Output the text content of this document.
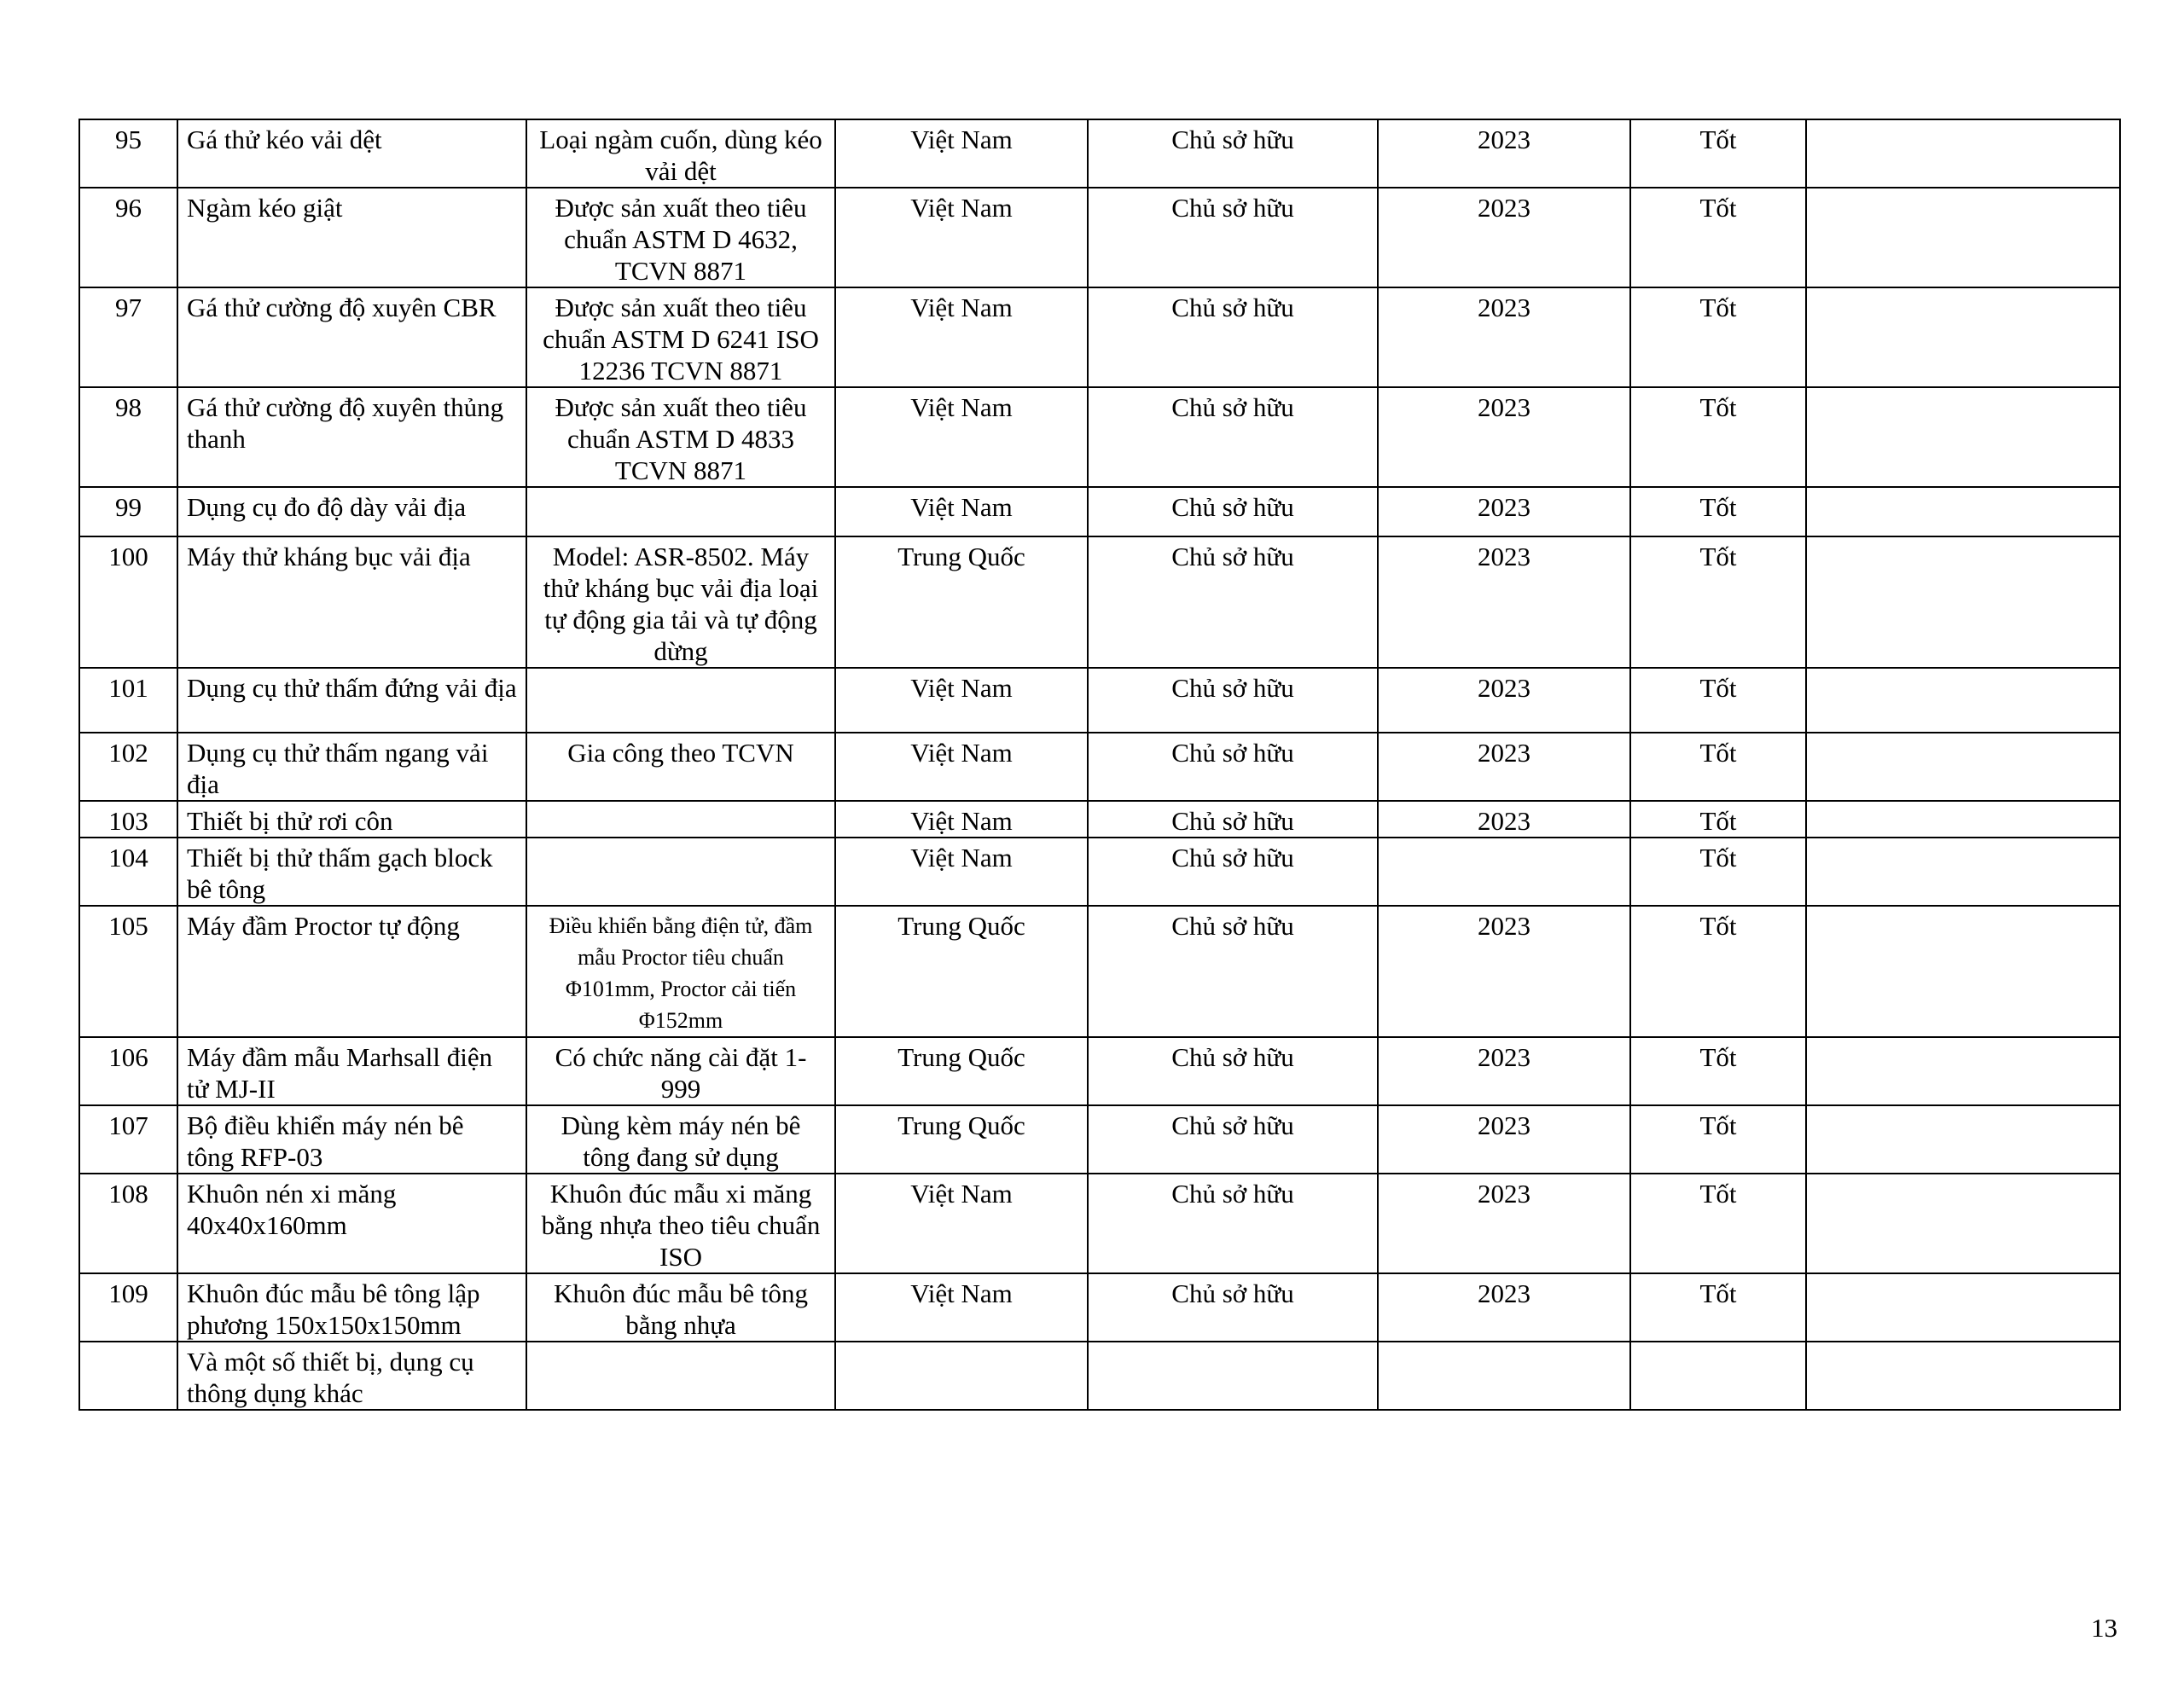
95	Gá thử kéo vải dệt	Loại ngàm cuốn, dùng kéo vải dệt	Việt Nam	Chủ sở hữu	2023	Tốt	
96	Ngàm kéo giật	Được sản xuất theo tiêu chuẩn ASTM D 4632, TCVN 8871	Việt Nam	Chủ sở hữu	2023	Tốt	
97	Gá thử cường độ xuyên CBR	Được sản xuất theo tiêu chuẩn ASTM D 6241 ISO 12236 TCVN 8871	Việt Nam	Chủ sở hữu	2023	Tốt	
98	Gá thử cường độ xuyên thủng thanh	Được sản xuất theo tiêu chuẩn ASTM D 4833 TCVN 8871	Việt Nam	Chủ sở hữu	2023	Tốt	
99	Dụng cụ đo độ dày vải địa		Việt Nam	Chủ sở hữu	2023	Tốt	
100	Máy thử kháng bục vải địa	Model: ASR-8502. Máy thử kháng bục vải địa loại tự động gia tải và tự động dừng	Trung Quốc	Chủ sở hữu	2023	Tốt	
101	Dụng cụ thử thấm đứng vải địa		Việt Nam	Chủ sở hữu	2023	Tốt	
102	Dụng cụ thử thấm ngang vải địa	Gia công theo TCVN	Việt Nam	Chủ sở hữu	2023	Tốt	
103	Thiết bị thử rơi côn		Việt Nam	Chủ sở hữu	2023	Tốt	
104	Thiết bị thử thấm gạch block bê tông		Việt Nam	Chủ sở hữu		Tốt	
105	Máy đầm Proctor tự động	Điều khiển bằng điện tử, đầm mẫu Proctor tiêu chuẩn Φ101mm, Proctor cải tiến Φ152mm	Trung Quốc	Chủ sở hữu	2023	Tốt	
106	Máy đầm mẫu Marhsall điện tử MJ-II	Có chức năng cài đặt 1-999	Trung Quốc	Chủ sở hữu	2023	Tốt	
107	Bộ điều khiển máy nén bê tông RFP-03	Dùng kèm máy nén bê tông đang sử dụng	Trung Quốc	Chủ sở hữu	2023	Tốt	
108	Khuôn nén xi măng 40x40x160mm	Khuôn đúc mẫu xi măng bằng nhựa theo tiêu chuẩn ISO	Việt Nam	Chủ sở hữu	2023	Tốt	
109	Khuôn đúc mẫu bê tông lập phương 150x150x150mm	Khuôn đúc mẫu bê tông bằng nhựa	Việt Nam	Chủ sở hữu	2023	Tốt	
	Và một số thiết bị, dụng cụ thông dụng khác						
13
